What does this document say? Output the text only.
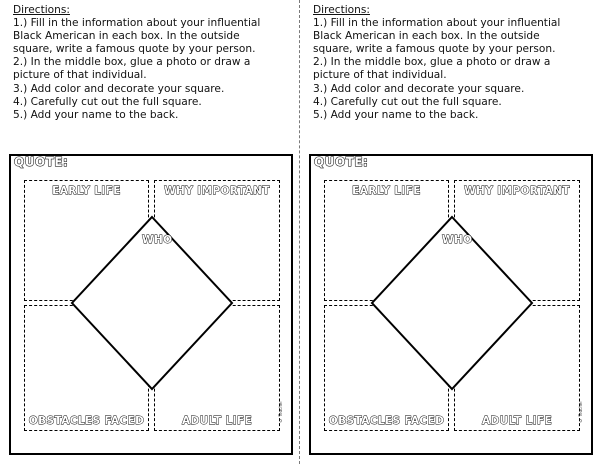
Directions:
1.) Fill in the information about your influential
Black American in each box. In the outside
square, write a famous quote by your person.
2.) In the middle box, glue a photo or draw a
picture of that individual.
3.) Add color and decorate your square.
4.) Carefully cut out the full square.
5.) Add your name to the back.
QUOTE:
EARLY LIFE	WHY IMPORTANT
OBSTACLES FACED	ADULT LIFE
WHO
© Teacher
Directions:
1.) Fill in the information about your influential
Black American in each box. In the outside
square, write a famous quote by your person.
2.) In the middle box, glue a photo or draw a
picture of that individual.
3.) Add color and decorate your square.
4.) Carefully cut out the full square.
5.) Add your name to the back.
QUOTE:
EARLY LIFE	WHY IMPORTANT
OBSTACLES FACED	ADULT LIFE
WHO
© Teacher
